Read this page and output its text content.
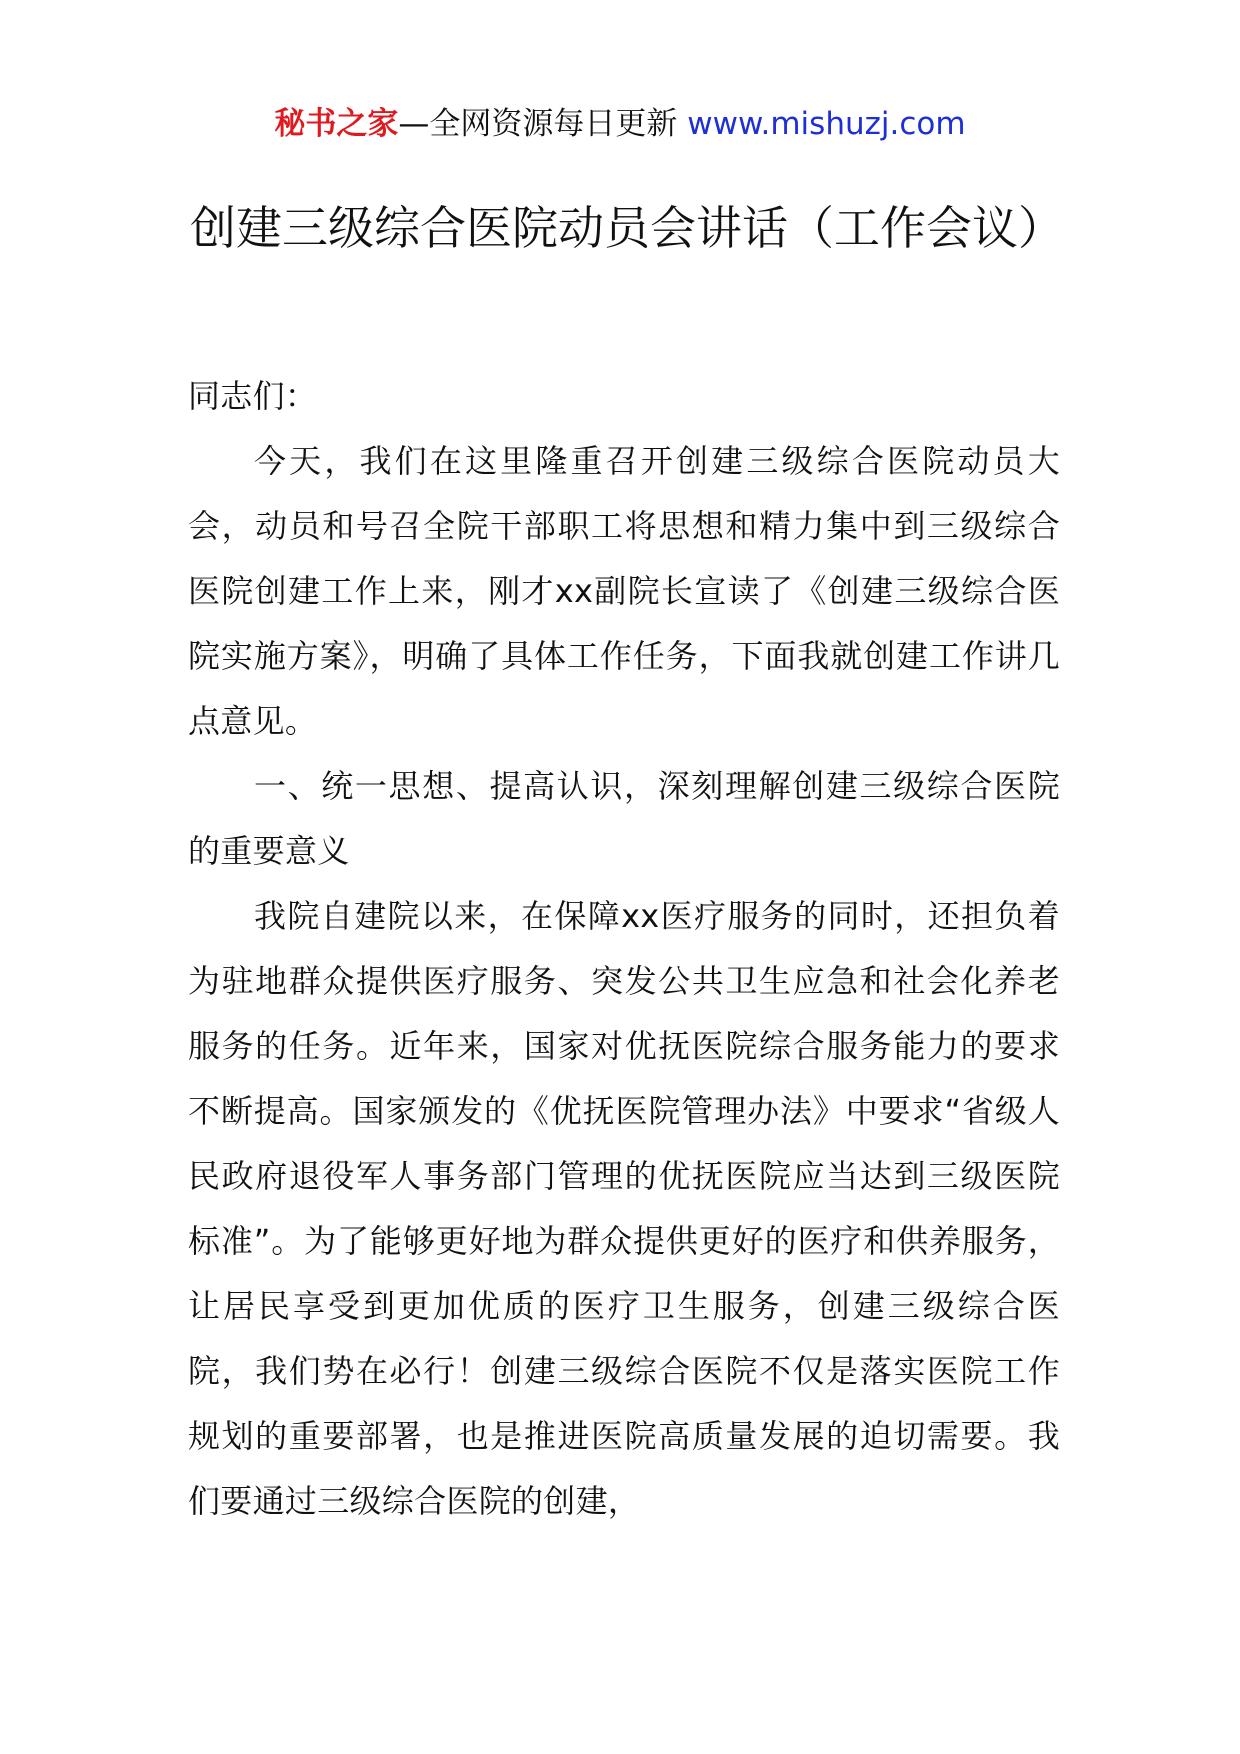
秘书之家—全网资源每日更新 www.mishuzj.com
创建三级综合医院动员会讲话（工作会议）

同志们：

今天，我们在这里隆重召开创建三级综合医院动员大会，动员和号召全院干部职工将思想和精力集中到三级综合医院创建工作上来，刚才xx副院长宣读了《创建三级综合医院实施方案》，明确了具体工作任务，下面我就创建工作讲几点意见。

一、统一思想、提高认识，深刻理解创建三级综合医院的重要意义

我院自建院以来，在保障xx医疗服务的同时，还担负着为驻地群众提供医疗服务、突发公共卫生应急和社会化养老服务的任务。近年来，国家对优抚医院综合服务能力的要求不断提高。国家颁发的《优抚医院管理办法》中要求“省级人民政府退役军人事务部门管理的优抚医院应当达到三级医院标准”。为了能够更好地为群众提供更好的医疗和供养服务，让居民享受到更加优质的医疗卫生服务，创建三级综合医院，我们势在必行！创建三级综合医院不仅是落实医院工作规划的重要部署，也是推进医院高质量发展的迫切需要。我们要通过三级综合医院的创建，
